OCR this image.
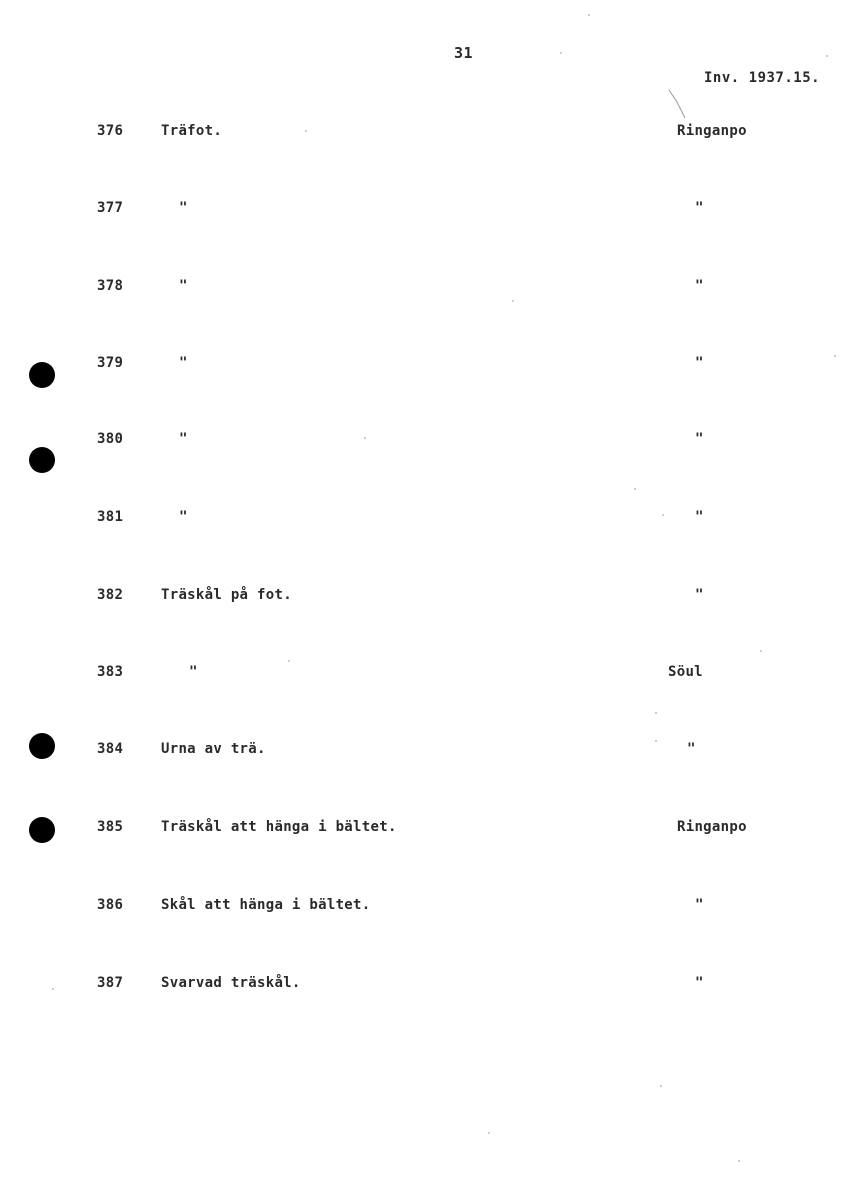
31
Inv. 1937.15.
376	Träfot.	Ringanpo
377	"	"
378	"	"
379	"	"
380	"	"
381	"	"
382	Träskål på fot.	"
383	"	Söul
384	Urna av trä.	"
385	Träskål att hänga i bältet.	Ringanpo
386	Skål att hänga i bältet.	"
387	Svarvad träskål.	"
